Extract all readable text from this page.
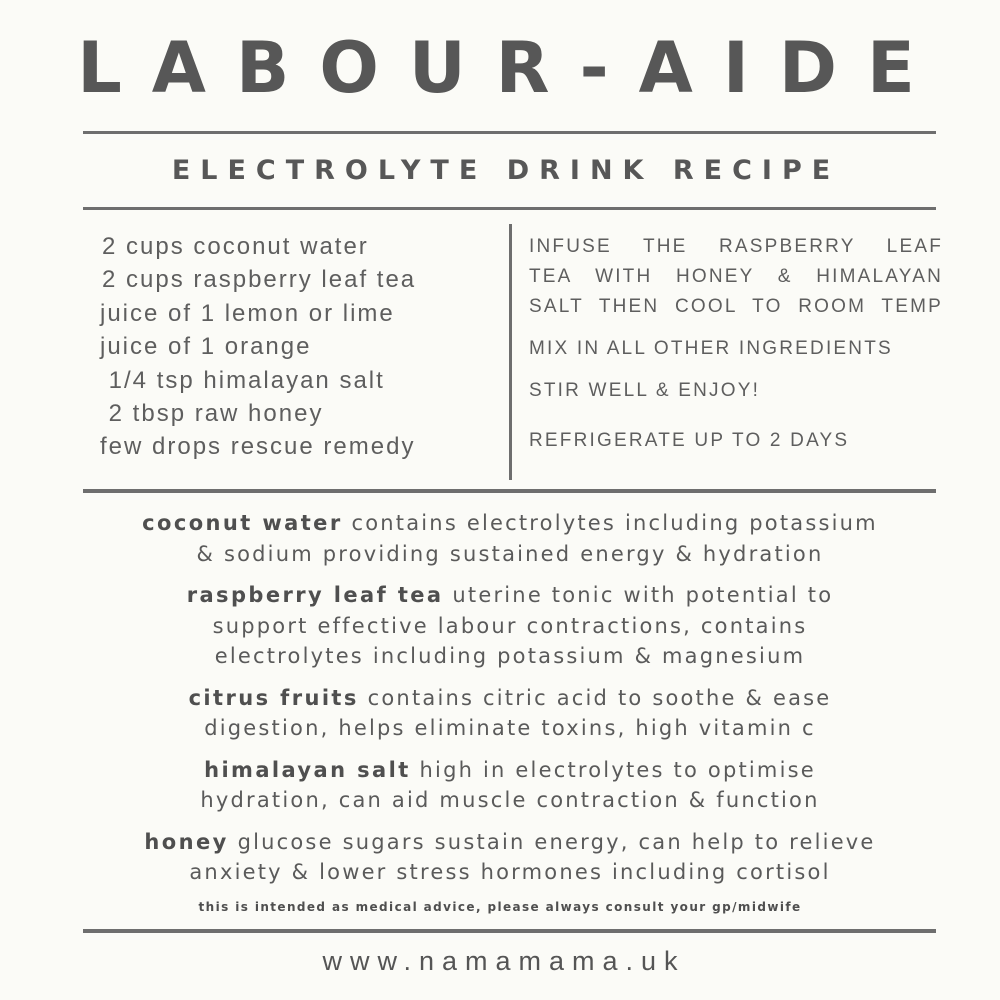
LABOUR-AIDE
ELECTROLYTE DRINK RECIPE
2 cups coconut water
2 cups raspberry leaf tea
juice of 1 lemon or lime
juice of 1 orange
1/4 tsp himalayan salt
2 tbsp raw honey
few drops rescue remedy
INFUSE THE RASPBERRY LEAF
TEA WITH HONEY & HIMALAYAN
SALT THEN COOL TO ROOM TEMP
MIX IN ALL OTHER INGREDIENTS
STIR WELL & ENJOY!
REFRIGERATE UP TO 2 DAYS

coconut water contains electrolytes including potassium
& sodium providing sustained energy & hydration

raspberry leaf tea uterine tonic with potential to
support effective labour contractions, contains
electrolytes including potassium & magnesium

citrus fruits contains citric acid to soothe & ease
digestion, helps eliminate toxins, high vitamin c

himalayan salt high in electrolytes to optimise
hydration, can aid muscle contraction & function

honey glucose sugars sustain energy, can help to relieve
anxiety & lower stress hormones including cortisol

this is intended as medical advice, please always consult your gp/midwife
www.namamama.uk
